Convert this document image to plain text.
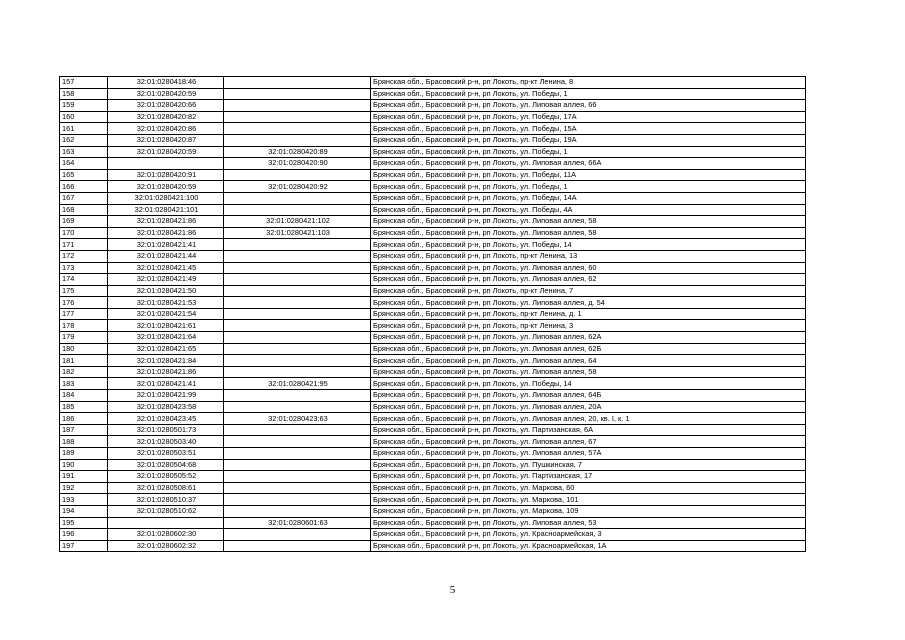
157	32:01:0280418:46		Брянская обл., Брасовский р-н, рп Локоть, пр-кт Ленина, 8
158	32:01:0280420:59		Брянская обл., Брасовский р-н, рп Локоть, ул. Победы, 1
159	32:01:0280420:66		Брянская обл., Брасовский р-н, рп Локоть, ул. Липовая аллея, 66
160	32:01:0280420:82		Брянская обл., Брасовский р-н, рп Локоть, ул. Победы, 17А
161	32:01:0280420:86		Брянская обл., Брасовский р-н, рп Локоть, ул. Победы, 15А
162	32:01:0280420:87		Брянская обл., Брасовский р-н, рп Локоть, ул. Победы, 19А
163	32:01:0280420:59	32:01:0280420:89	Брянская обл., Брасовский р-н, рп Локоть, ул. Победы, 1
164		32:01:0280420:90	Брянская обл., Брасовский р-н, рп Локоть, ул. Липовая аллея, 66А
165	32:01:0280420:91		Брянская обл., Брасовский р-н, рп Локоть, ул. Победы, 11А
166	32:01:0280420:59	32:01:0280420:92	Брянская обл., Брасовский р-н, рп Локоть, ул. Победы, 1
167	32:01:0280421:100		Брянская обл., Брасовский р-н, рп Локоть, ул. Победы, 14А
168	32:01:0280421:101		Брянская обл., Брасовский р-н, рп Локоть, ул. Победы, 4А
169	32:01:0280421:86	32:01:0280421:102	Брянская обл., Брасовский р-н, рп Локоть, ул. Липовая аллея, 58
170	32:01:0280421:86	32:01:0280421:103	Брянская обл., Брасовский р-н, рп Локоть, ул. Липовая аллея, 58
171	32:01:0280421:41		Брянская обл., Брасовский р-н, рп Локоть, ул. Победы, 14
172	32:01:0280421:44		Брянская обл., Брасовский р-н, рп Локоть, пр-кт Ленина, 13
173	32:01:0280421:45		Брянская обл., Брасовский р-н, рп Локоть, ул. Липовая аллея, 60
174	32:01:0280421:49		Брянская обл., Брасовский р-н, рп Локоть, ул. Липовая аллея, 62
175	32:01:0280421:50		Брянская обл., Брасовский р-н, рп Локоть, пр-кт Ленина, 7
176	32:01:0280421:53		Брянская обл., Брасовский р-н, рп Локоть, ул. Липовая аллея, д. 54
177	32:01:0280421:54		Брянская обл., Брасовский р-н, рп Локоть, пр-кт Ленина, д. 1
178	32:01:0280421:61		Брянская обл., Брасовский р-н, рп Локоть, пр-кт Ленина, 3
179	32:01:0280421:64		Брянская обл., Брасовский р-н, рп Локоть, ул. Липовая аллея, 62А
180	32:01:0280421:65		Брянская обл., Брасовский р-н, рп Локоть, ул. Липовая аллея, 62Б
181	32:01:0280421:84		Брянская обл., Брасовский р-н, рп Локоть, ул. Липовая аллея, 64
182	32:01:0280421:86		Брянская обл., Брасовский р-н, рп Локоть, ул. Липовая аллея, 58
183	32:01:0280421:41	32:01:0280421:95	Брянская обл., Брасовский р-н, рп Локоть, ул. Победы, 14
184	32:01:0280421:99		Брянская обл., Брасовский р-н, рп Локоть, ул. Липовая аллея, 64Б
185	32:01:0280423:58		Брянская обл., Брасовский р-н, рп Локоть, ул. Липовая аллея, 20А
186	32:01:0280423:45	32:01:0280423:63	Брянская обл., Брасовский р-н, рп Локоть, ул. Липовая аллея, 20, кв. I, к. 1
187	32:01:0280501:73		Брянская обл., Брасовский р-н, рп Локоть, ул. Партизанская, 6А
188	32:01:0280503:40		Брянская обл., Брасовский р-н, рп Локоть, ул. Липовая аллея, 67
189	32:01:0280503:51		Брянская обл., Брасовский р-н, рп Локоть, ул. Липовая аллея, 57А
190	32:01:0280504:68		Брянская обл., Брасовский р-н, рп Локоть, ул. Пушкинская, 7
191	32:01:0280505:52		Брянская обл., Брасовский р-н, рп Локоть, ул. Партизанская, 17
192	32:01:0280508:61		Брянская обл., Брасовский р-н, рп Локоть, ул. Маркова, 60
193	32:01:0280510:37		Брянская обл., Брасовский р-н, рп Локоть, ул. Маркова, 101
194	32:01:0280510:62		Брянская обл., Брасовский р-н, рп Локоть, ул. Маркова, 109
195		32:01:0280601:63	Брянская обл., Брасовский р-н, рп Локоть, ул. Липовая аллея, 53
196	32:01:0280602:30		Брянская обл., Брасовский р-н, рп Локоть, ул. Красноармейская, 3
197	32:01:0280602:32		Брянская обл., Брасовский р-н, рп Локоть, ул. Красноармейская, 1А
5
